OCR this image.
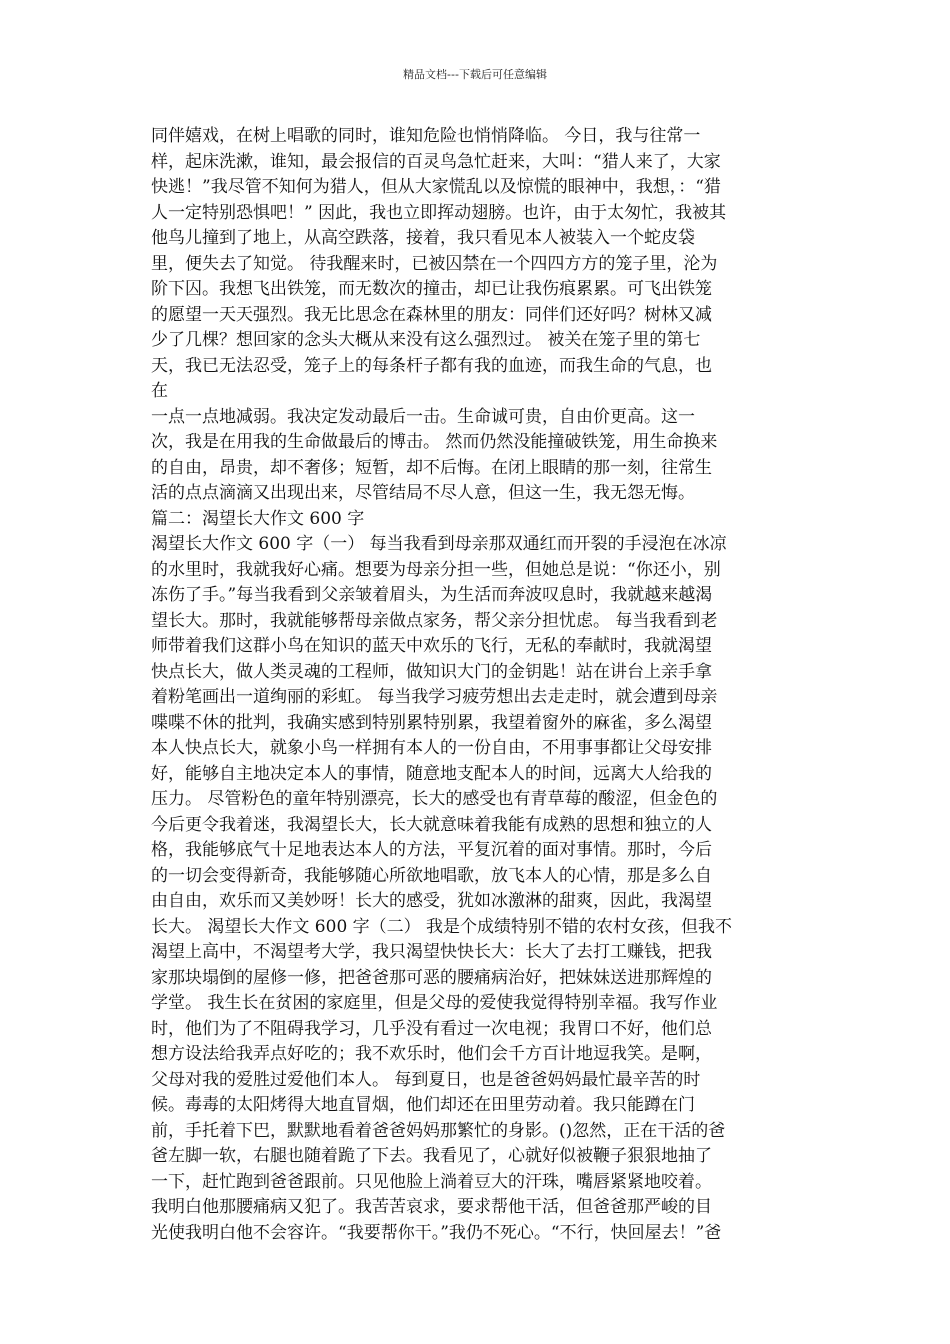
精品文档---下载后可任意编辑
同伴嬉戏，在树上唱歌的同时，谁知危险也悄悄降临。 今日，我与往常一
样，起床洗漱，谁知，最会报信的百灵鸟急忙赶来，大叫：“猎人来了，大家
快逃！”我尽管不知何为猎人，但从大家慌乱以及惊慌的眼神中，我想，：“猎
人一定特别恐惧吧！” 因此，我也立即挥动翅膀。也许，由于太匆忙，我被其
他鸟儿撞到了地上，从高空跌落，接着，我只看见本人被装入一个蛇皮袋
里，便失去了知觉。 待我醒来时，已被囚禁在一个四四方方的笼子里，沦为
阶下囚。我想飞出铁笼，而无数次的撞击，却已让我伤痕累累。可飞出铁笼
的愿望一天天强烈。我无比思念在森林里的朋友：同伴们还好吗？树林又减
少了几棵？想回家的念头大概从来没有这么强烈过。 被关在笼子里的第七
天，我已无法忍受，笼子上的每条杆子都有我的血迹，而我生命的气息，也
在
一点一点地减弱。我决定发动最后一击。生命诚可贵，自由价更高。这一
次，我是在用我的生命做最后的博击。 然而仍然没能撞破铁笼，用生命换来
的自由，昂贵，却不奢侈；短暂，却不后悔。在闭上眼睛的那一刻，往常生
活的点点滴滴又出现出来，尽管结局不尽人意，但这一生，我无怨无悔。
篇二：渴望长大作文 600 字
渴望长大作文 600 字（一） 每当我看到母亲那双通红而开裂的手浸泡在冰凉
的水里时，我就我好心痛。想要为母亲分担一些，但她总是说：“你还小，别
冻伤了手。”每当我看到父亲皱着眉头，为生活而奔波叹息时，我就越来越渴
望长大。那时，我就能够帮母亲做点家务，帮父亲分担忧虑。 每当我看到老
师带着我们这群小鸟在知识的蓝天中欢乐的飞行，无私的奉献时，我就渴望
快点长大，做人类灵魂的工程师，做知识大门的金钥匙！站在讲台上亲手拿
着粉笔画出一道绚丽的彩虹。 每当我学习疲劳想出去走走时，就会遭到母亲
喋喋不休的批判，我确实感到特别累特别累，我望着窗外的麻雀，多么渴望
本人快点长大，就象小鸟一样拥有本人的一份自由，不用事事都让父母安排
好，能够自主地决定本人的事情，随意地支配本人的时间，远离大人给我的
压力。 尽管粉色的童年特别漂亮，长大的感受也有青草莓的酸涩，但金色的
今后更令我着迷，我渴望长大，长大就意味着我能有成熟的思想和独立的人
格，我能够底气十足地表达本人的方法，平复沉着的面对事情。那时，今后
的一切会变得新奇，我能够随心所欲地唱歌，放飞本人的心情，那是多么自
由自由，欢乐而又美妙呀！长大的感受，犹如冰激淋的甜爽，因此，我渴望
长大。 渴望长大作文 600 字（二） 我是个成绩特别不错的农村女孩，但我不
渴望上高中，不渴望考大学，我只渴望快快长大：长大了去打工赚钱，把我
家那块塌倒的屋修一修，把爸爸那可恶的腰痛病治好，把妹妹送进那辉煌的
学堂。 我生长在贫困的家庭里，但是父母的爱使我觉得特别幸福。我写作业
时，他们为了不阻碍我学习，几乎没有看过一次电视；我胃口不好，他们总
想方设法给我弄点好吃的；我不欢乐时，他们会千方百计地逗我笑。是啊，
父母对我的爱胜过爱他们本人。 每到夏日，也是爸爸妈妈最忙最辛苦的时
候。毒毒的太阳烤得大地直冒烟，他们却还在田里劳动着。我只能蹲在门
前，手托着下巴，默默地看着爸爸妈妈那繁忙的身影。()忽然，正在干活的爸
爸左脚一软，右腿也随着跪了下去。我看见了，心就好似被鞭子狠狠地抽了
一下，赶忙跑到爸爸跟前。只见他脸上淌着豆大的汗珠，嘴唇紧紧地咬着。
我明白他那腰痛病又犯了。我苦苦哀求，要求帮他干活，但爸爸那严峻的目
光使我明白他不会容许。“我要帮你干。”我仍不死心。“不行，快回屋去！”爸
